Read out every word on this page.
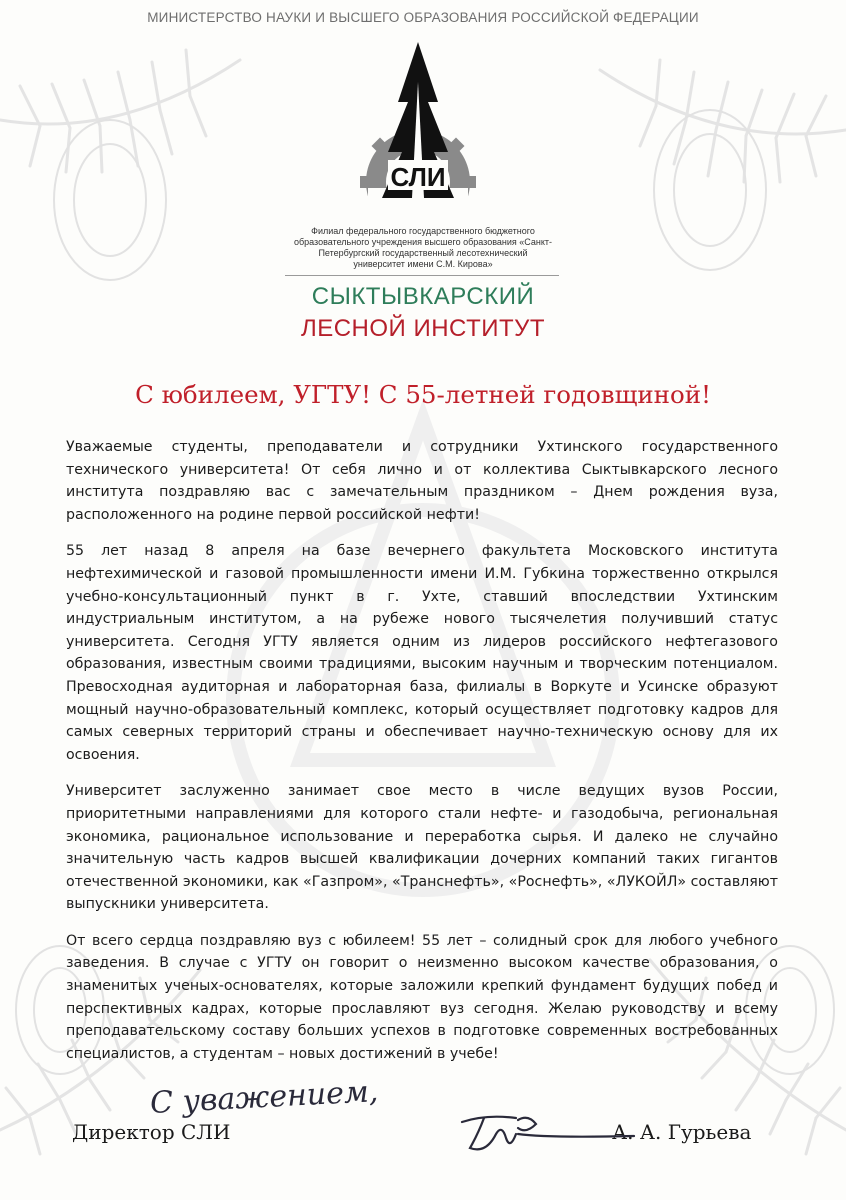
МИНИСТЕРСТВО НАУКИ И ВЫСШЕГО ОБРАЗОВАНИЯ РОССИЙСКОЙ ФЕДЕРАЦИИ
СЛИ
Филиал федерального государственного бюджетного
образовательного учреждения высшего образования «Санкт-
Петербургский государственный лесотехнический
университет имени С.М. Кирова»
СЫКТЫВКАРСКИЙ
ЛЕСНОЙ ИНСТИТУТ
С юбилеем, УГТУ! С 55-летней годовщиной!

Уважаемые студенты, преподаватели и сотрудники Ухтинского государственного технического университета! От себя лично и от коллектива Сыктывкарского лесного института поздравляю вас с замечательным праздником – Днем рождения вуза, расположенного на родине первой российской нефти!

55 лет назад 8 апреля на базе вечернего факультета Московского института нефтехимической и газовой промышленности имени И.М. Губкина торжественно открылся учебно-консультационный пункт в г. Ухте, ставший впоследствии Ухтинским индустриальным институтом, а на рубеже нового тысячелетия получивший статус университета. Сегодня УГТУ является одним из лидеров российского нефтегазового образования, известным своими традициями, высоким научным и творческим потенциалом. Превосходная аудиторная и лабораторная база, филиалы в Воркуте и Усинске образуют мощный научно-образовательный комплекс, который осуществляет подготовку кадров для самых северных территорий страны и обеспечивает научно-техническую основу для их освоения.

Университет заслуженно занимает свое место в числе ведущих вузов России, приоритетными направлениями для которого стали нефте- и газодобыча, региональная экономика, рациональное использование и переработка сырья. И далеко не случайно значительную часть кадров высшей квалификации дочерних компаний таких гигантов отечественной экономики, как «Газпром», «Транснефть», «Роснефть», «ЛУКОЙЛ» составляют выпускники университета.

От всего сердца поздравляю вуз с юбилеем! 55 лет – солидный срок для любого учебного заведения. В случае с УГТУ он говорит о неизменно высоком качестве образования, о знаменитых ученых-основателях, которые заложили крепкий фундамент будущих побед и перспективных кадрах, которые прославляют вуз сегодня. Желаю руководству и всему преподавательскому составу больших успехов в подготовке современных востребованных специалистов, а студентам – новых достижений в учебе!

С уважением,
Директор СЛИ	А. А. Гурьева
